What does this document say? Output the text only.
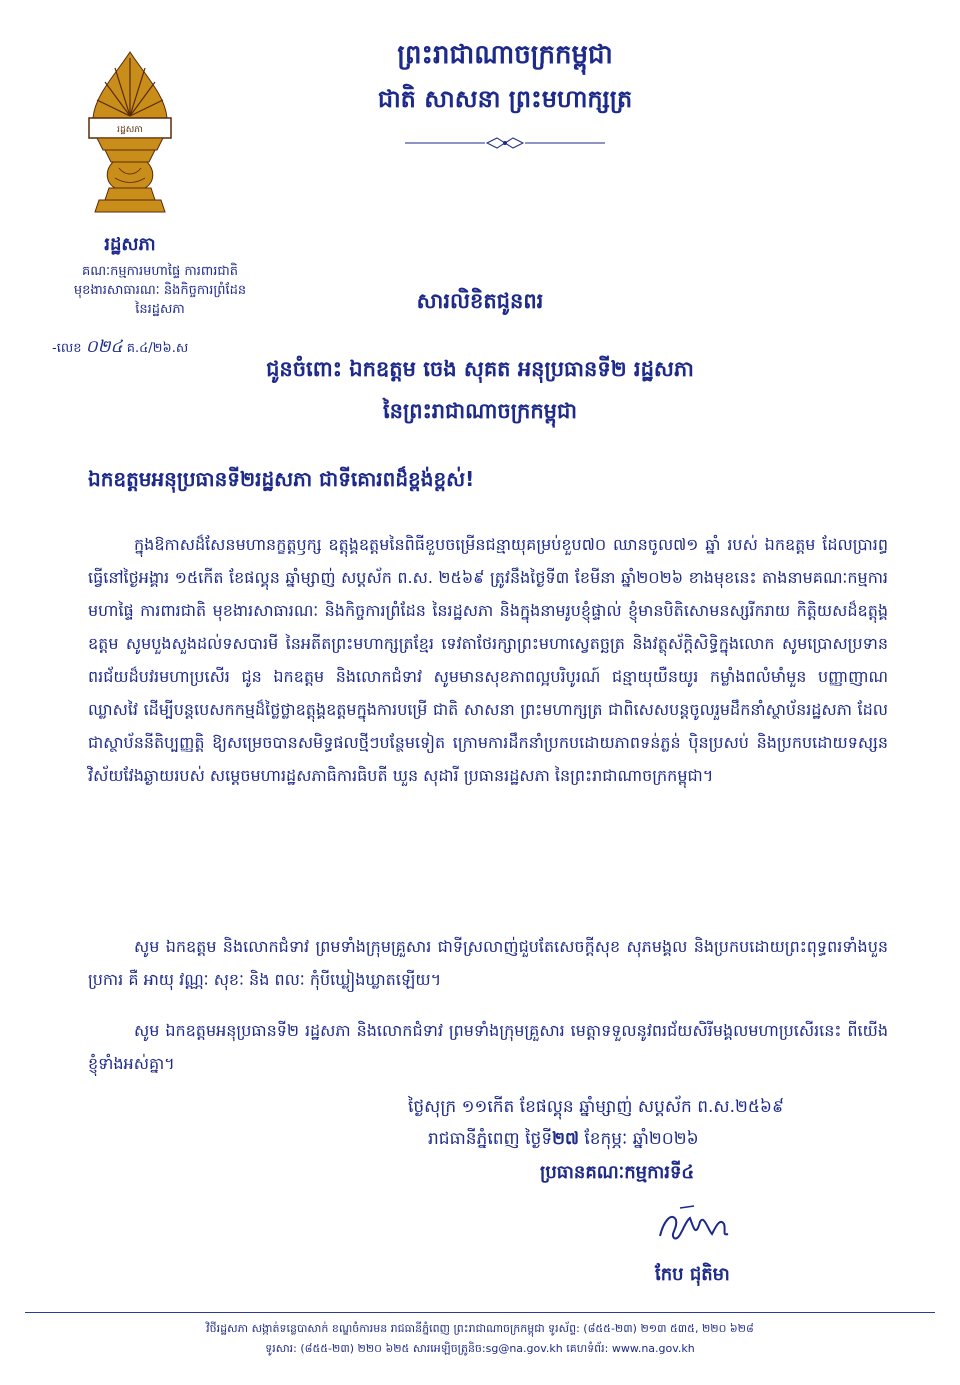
រដ្ឋសភា
ព្រះរាជាណាចក្រកម្ពុជា
ជាតិ សាសនា ព្រះមហាក្សត្រ
រដ្ឋសភា
គណៈកម្មការមហាផ្ទៃ ការពារជាតិ
មុខងារសាធារណៈ និងកិច្ចការព្រំដែន
នៃរដ្ឋសភា
-លេខ ០២៤ គ.៤/២៦.ស
សារលិខិតជូនពរ
ជូនចំពោះ ឯកឧត្តម ចេង សុគត អនុប្រធានទី២ រដ្ឋសភា
នៃព្រះរាជាណាចក្រកម្ពុជា
ឯកឧត្តមអនុប្រធានទី២រដ្ឋសភា ជាទីគោរពដ៏ខ្ពង់ខ្ពស់!
ក្នុងឱកាសដ៏សែនមហានក្ខត្តឫក្ស ឧត្តុង្គឧត្តមនៃពិធីខួបចម្រើនជន្មាយុគម្រប់ខួប៧០ ឈានចូល៧១ ឆ្នាំ របស់ ឯកឧត្តម ដែលប្រារព្ធធ្វើនៅថ្ងៃអង្គារ ១៥កើត ខែផល្គុន ឆ្នាំម្សាញ់ សប្តស័ក ព.ស. ២៥៦៩ ត្រូវនឹងថ្ងៃទី៣ ខែមីនា ឆ្នាំ២០២៦ ខាងមុខនេះ តាងនាមគណៈកម្មការ មហាផ្ទៃ ការពារជាតិ មុខងារសាធារណៈ និងកិច្ចការព្រំដែន នៃរដ្ឋសភា និងក្នុងនាមរូបខ្ញុំផ្ទាល់ ខ្ញុំមានបិតិសោមនស្សរីករាយ កិត្តិយសដ៏ឧត្តុង្គឧត្តម សូមបួងសួងដល់ទសបារមី នៃអតីតព្រះមហាក្សត្រខ្មែរ ទេវតាថែរក្សាព្រះមហាស្វេតច្ឆត្រ និងវត្ថុស័ក្តិសិទ្ធិក្នុងលោក សូមប្រោសប្រទានពរជ័យដ៏បវរមហាប្រសើរ ជូន ឯកឧត្តម និងលោកជំទាវ សូមមានសុខភាពល្អបរិបូរណ៍ ជន្មាយុយឺនយូរ កម្លាំងពលំមាំមួន បញ្ញាញាណឈ្លាសវៃ ដើម្បីបន្តបេសកកម្មដ៏ថ្លៃថ្លាឧត្តុង្គឧត្តមក្នុងការបម្រើ ជាតិ សាសនា ព្រះមហាក្សត្រ ជាពិសេសបន្តចូលរួមដឹកនាំស្ថាប័នរដ្ឋសភា ដែលជាស្ថាប័ននីតិប្បញ្ញត្តិ ឱ្យសម្រេចបានសមិទ្ធផលថ្មីៗបន្ថែមទៀត ក្រោមការដឹកនាំប្រកបដោយភាពទន់ភ្លន់ ប៉ិនប្រសប់ និងប្រកបដោយទស្សនវិស័យវែងឆ្ងាយរបស់ សម្តេចមហារដ្ឋសភាធិការធិបតី ឃួន សុដារី ប្រធានរដ្ឋសភា នៃព្រះរាជាណាចក្រកម្ពុជា។
សូម ឯកឧត្តម និងលោកជំទាវ ព្រមទាំងក្រុមគ្រួសារ ជាទីស្រលាញ់ជួបតែសេចក្តីសុខ សុភមង្គល និងប្រកបដោយព្រះពុទ្ធពរទាំងបួនប្រការ គឺ អាយុ វណ្ណៈ សុខៈ និង ពលៈ កុំបីឃ្លៀងឃ្លាតឡើយ។
សូម ឯកឧត្តមអនុប្រធានទី២ រដ្ឋសភា និងលោកជំទាវ ព្រមទាំងក្រុមគ្រួសារ មេត្តាទទួលនូវពរជ័យសិរីមង្គលមហាប្រសើរនេះ ពីយើងខ្ញុំទាំងអស់គ្នា។
ថ្ងៃសុក្រ ១១កើត ខែផល្គុន ឆ្នាំម្សាញ់ សប្តស័ក ព.ស.២៥៦៩
រាជធានីភ្នំពេញ ថ្ងៃទី២៧ ខែកុម្ភៈ ឆ្នាំ២០២៦
ប្រធានគណៈកម្មការទី៤
កែប ជុតិមា
វិថីរដ្ឋសភា សង្កាត់ទន្លេបាសាក់ ខណ្ឌចំការមន រាជធានីភ្នំពេញ ព្រះរាជាណាចក្រកម្ពុជា ទូរស័ព្ទ: (៨៥៥-២៣) ២១៣ ៥៣៥, ២២០ ៦២៨
ទូរសារ: (៨៥៥-២៣) ២២០ ៦២៥ សារអេឡិចត្រូនិច:sg@na.gov.kh គេហទំព័រ: www.na.gov.kh
